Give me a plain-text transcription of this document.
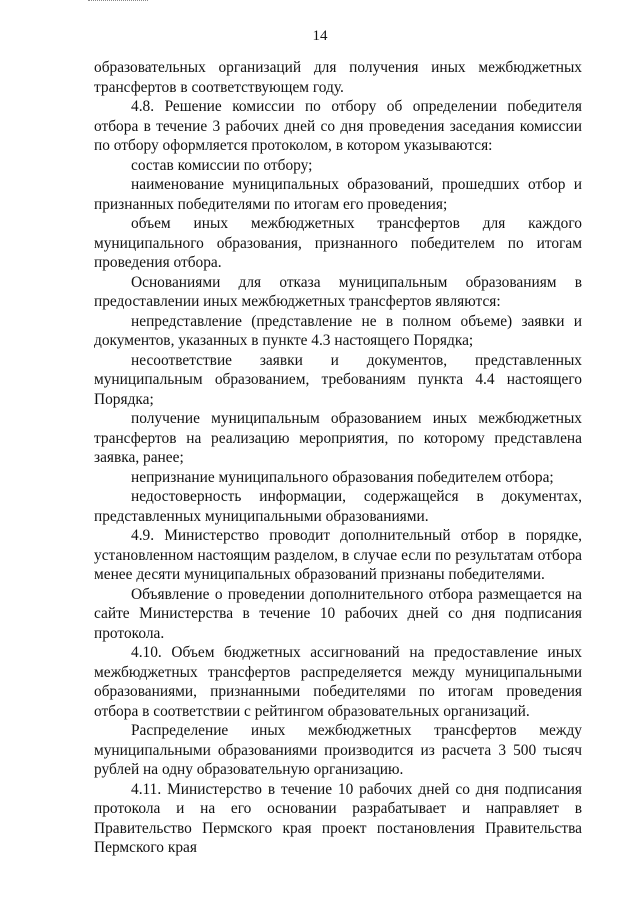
14

образовательных организаций для получения иных межбюджетных трансфертов в соответствующем году.

4.8. Решение комиссии по отбору об определении победителя отбора в течение 3 рабочих дней со дня проведения заседания комиссии по отбору оформляется протоколом, в котором указываются:

состав комиссии по отбору;

наименование муниципальных образований, прошедших отбор и признанных победителями по итогам его проведения;

объем иных межбюджетных трансфертов для каждого муниципального образования, признанного победителем по итогам проведения отбора.

Основаниями для отказа муниципальным образованиям в предоставлении иных межбюджетных трансфертов являются:

непредставление (представление не в полном объеме) заявки и документов, указанных в пункте 4.3 настоящего Порядка;

несоответствие заявки и документов, представленных муниципальным образованием, требованиям пункта 4.4 настоящего Порядка;

получение муниципальным образованием иных межбюджетных трансфертов на реализацию мероприятия, по которому представлена заявка, ранее;

непризнание муниципального образования победителем отбора;

недостоверность информации, содержащейся в документах, представленных муниципальными образованиями.

4.9. Министерство проводит дополнительный отбор в порядке, установленном настоящим разделом, в случае если по результатам отбора менее десяти муниципальных образований признаны победителями.

Объявление о проведении дополнительного отбора размещается на сайте Министерства в течение 10 рабочих дней со дня подписания протокола.

4.10. Объем бюджетных ассигнований на предоставление иных межбюджетных трансфертов распределяется между муниципальными образованиями, признанными победителями по итогам проведения отбора в соответствии с рейтингом образовательных организаций.

Распределение иных межбюджетных трансфертов между муниципальными образованиями производится из расчета 3 500 тысяч рублей на одну образовательную организацию.

4.11. Министерство в течение 10 рабочих дней со дня подписания протокола и на его основании разрабатывает и направляет в Правительство Пермского края проект постановления Правительства Пермского края
